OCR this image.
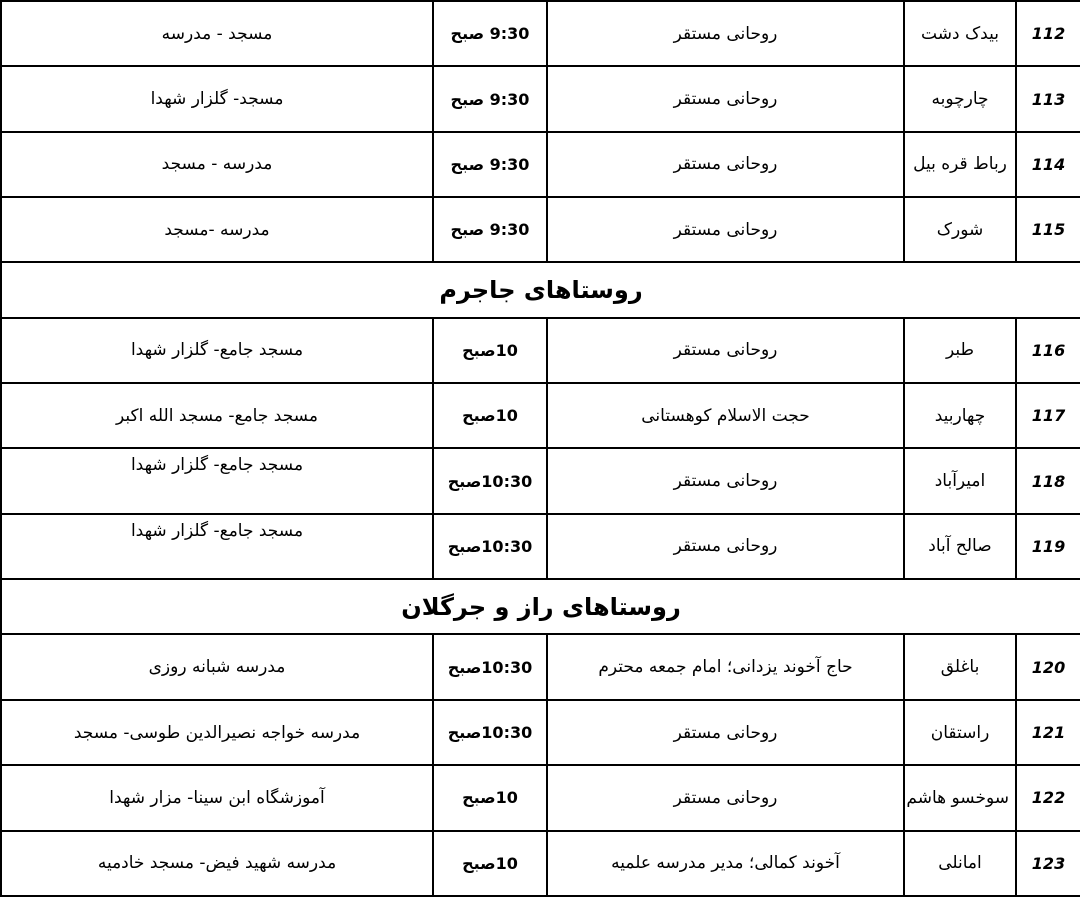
112	بیدک دشت	روحانی مستقر	9:30 صبح	مسجد - مدرسه
113	چارچوبه	روحانی مستقر	9:30 صبح	مسجد- گلزار شهدا
114	رباط قره بیل	روحانی مستقر	9:30 صبح	مدرسه - مسجد
115	شورک	روحانی مستقر	9:30 صبح	مدرسه -مسجد
روستاهای جاجرم				
116	طبر	روحانی مستقر	10صبح	مسجد جامع- گلزار شهدا
117	چهاربید	حجت الاسلام کوهستانی	10صبح	مسجد جامع- مسجد الله اکبر
118	امیرآباد	روحانی مستقر	10:30صبح	مسجد جامع- گلزار شهدا
119	صالح آباد	روحانی مستقر	10:30صبح	مسجد جامع- گلزار شهدا
روستاهای راز و جرگلان				
120	باغلق	حاج آخوند یزدانی؛ امام جمعه محترم	10:30صبح	مدرسه شبانه روزی
121	راستقان	روحانی مستقر	10:30صبح	مدرسه خواجه نصیرالدین طوسی- مسجد
122	سوخسو هاشم	روحانی مستقر	10صبح	آموزشگاه ابن سینا- مزار شهدا
123	امانلی	آخوند کمالی؛ مدیر مدرسه علمیه	10صبح	مدرسه شهید فیض- مسجد خادمیه
